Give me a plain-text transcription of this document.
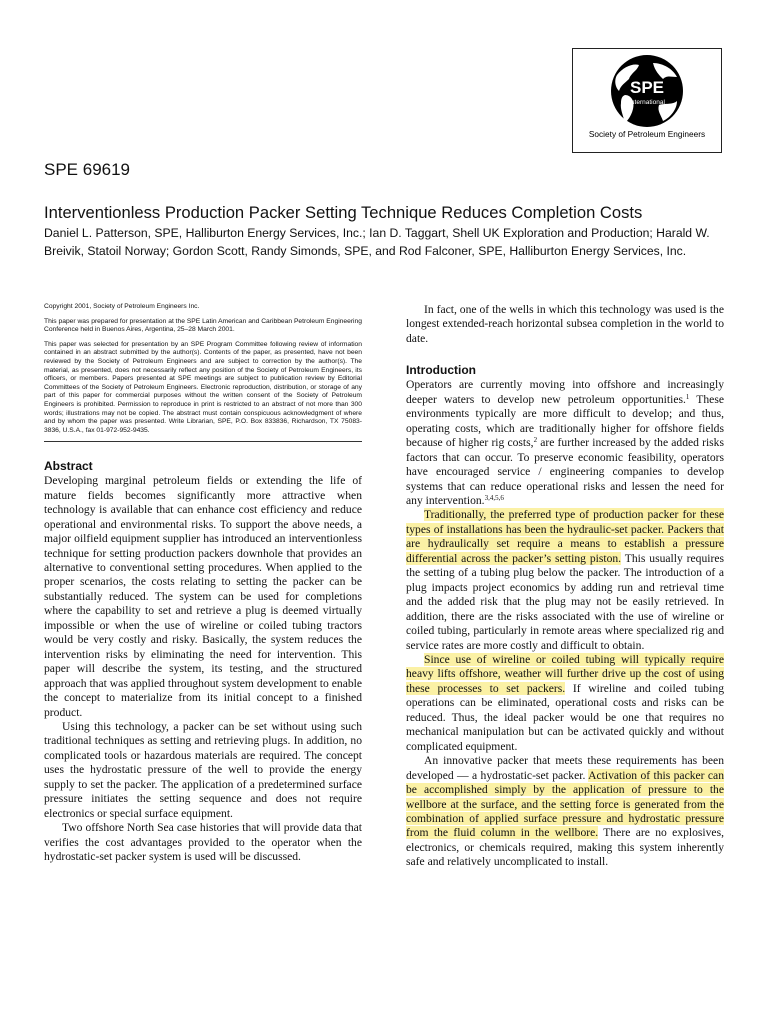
SPE
International
Society of Petroleum Engineers
SPE 69619
Interventionless Production Packer Setting Technique Reduces Completion Costs
Daniel L. Patterson, SPE, Halliburton Energy Services, Inc.; Ian D. Taggart, Shell UK Exploration and Production; Harald W. Breivik, Statoil Norway; Gordon Scott, Randy Simonds, SPE, and Rod Falconer, SPE, Halliburton Energy Services, Inc.

Copyright 2001, Society of Petroleum Engineers Inc.

This paper was prepared for presentation at the SPE Latin American and Caribbean Petroleum Engineering Conference held in Buenos Aires, Argentina, 25–28 March 2001.

This paper was selected for presentation by an SPE Program Committee following review of information contained in an abstract submitted by the author(s). Contents of the paper, as presented, have not been reviewed by the Society of Petroleum Engineers and are subject to correction by the author(s). The material, as presented, does not necessarily reflect any position of the Society of Petroleum Engineers, its officers, or members. Papers presented at SPE meetings are subject to publication review by Editorial Committees of the Society of Petroleum Engineers. Electronic reproduction, distribution, or storage of any part of this paper for commercial purposes without the written consent of the Society of Petroleum Engineers is prohibited. Permission to reproduce in print is restricted to an abstract of not more than 300 words; illustrations may not be copied. The abstract must contain conspicuous acknowledgment of where and by whom the paper was presented. Write Librarian, SPE, P.O. Box 833836, Richardson, TX 75083-3836, U.S.A., fax 01-972-952-9435.

Abstract

Developing marginal petroleum fields or extending the life of mature fields becomes significantly more attractive when technology is available that can enhance cost efficiency and reduce operational and environmental risks. To support the above needs, a major oilfield equipment supplier has introduced an interventionless technique for setting production packers downhole that provides an alternative to conventional setting procedures. When applied to the proper scenarios, the costs relating to setting the packer can be substantially reduced. The system can be used for completions where the capability to set and retrieve a plug is deemed virtually impossible or when the use of wireline or coiled tubing tractors would be very costly and risky. Basically, the system reduces the intervention risks by eliminating the need for intervention. This paper will describe the system, its testing, and the structured approach that was applied throughout system development to enable the concept to materialize from its initial concept to a finished product.

Using this technology, a packer can be set without using such traditional techniques as setting and retrieving plugs. In addition, no complicated tools or hazardous materials are required. The concept uses the hydrostatic pressure of the well to provide the energy supply to set the packer. The application of a predetermined surface pressure initiates the setting sequence and does not require electronics or special surface equipment.

Two offshore North Sea case histories that will provide data that verifies the cost advantages provided to the operator when the hydrostatic-set packer system is used will be discussed.

In fact, one of the wells in which this technology was used is the longest extended-reach horizontal subsea completion in the world to date.

Introduction

Operators are currently moving into offshore and increasingly deeper waters to develop new petroleum opportunities.$^1$ These environments typically are more difficult to develop; and thus, operating costs, which are traditionally higher for offshore fields because of higher rig costs,$^2$ are further increased by the added risks factors that can occur. To preserve economic feasibility, operators have encouraged service / engineering companies to develop systems that can reduce operational risks and lessen the need for any intervention.$^{3,4,5,6}$

Traditionally, the preferred type of production packer for these types of installations has been the hydraulic-set packer. Packers that are hydraulically set require a means to establish a pressure differential across the packer’s setting piston. This usually requires the setting of a tubing plug below the packer. The introduction of a plug impacts project economics by adding run and retrieval time and the added risk that the plug may not be easily retrieved. In addition, there are the risks associated with the use of wireline or coiled tubing, particularly in remote areas where specialized rig and service rates are more costly and difficult to obtain.

Since use of wireline or coiled tubing will typically require heavy lifts offshore, weather will further drive up the cost of using these processes to set packers. If wireline and coiled tubing operations can be eliminated, operational costs and risks can be reduced. Thus, the ideal packer would be one that requires no mechanical manipulation but can be activated quickly and without complicated equipment.

An innovative packer that meets these requirements has been developed — a hydrostatic-set packer. Activation of this packer can be accomplished simply by the application of pressure to the wellbore at the surface, and the setting force is generated from the combination of applied surface pressure and hydrostatic pressure from the fluid column in the wellbore. There are no explosives, electronics, or chemicals required, making this system inherently safe and relatively uncomplicated to install.
